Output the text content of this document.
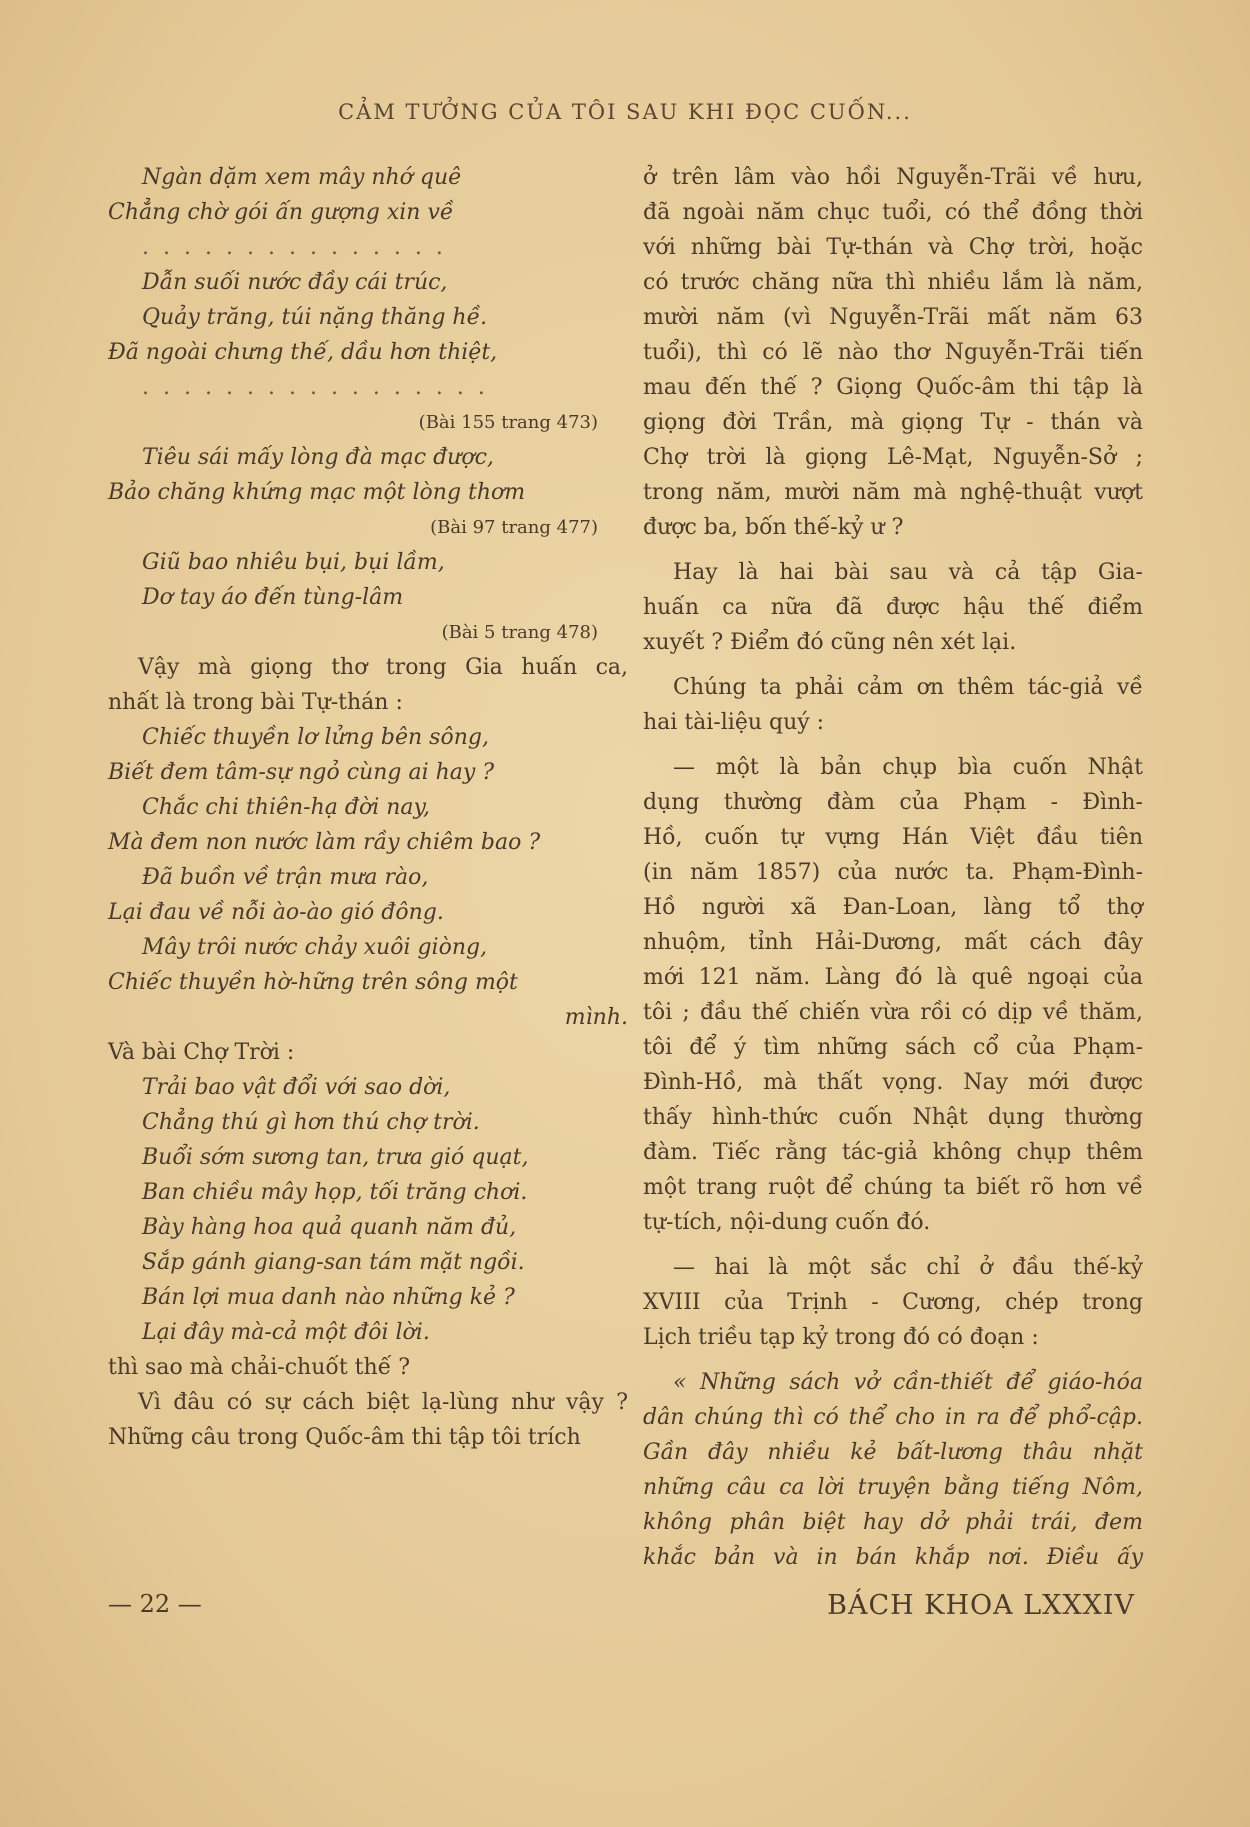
CẢM TƯỞNG CỦA TÔI SAU KHI ĐỌC CUỐN...
Ngàn dặm xem mây nhớ quê
Chẳng chờ gói ấn gượng xin về
...............
Dẫn suối nước đầy cái trúc,
Quảy trăng, túi nặng thăng hề.
Đã ngoài chưng thế, dầu hơn thiệt,
.................
(Bài 155 trang 473)
Tiêu sái mấy lòng đà mạc được,
Bảo chăng khứng mạc một lòng thơm
(Bài 97 trang 477)
Giũ bao nhiêu bụi, bụi lầm,
Dơ tay áo đến tùng-lâm
(Bài 5 trang 478)
Vậy mà giọng thơ trong Gia huấn ca,
nhất là trong bài Tự-thán :
Chiếc thuyền lơ lửng bên sông,
Biết đem tâm-sự ngỏ cùng ai hay ?
Chắc chi thiên-hạ đời nay,
Mà đem non nước làm rầy chiêm bao ?
Đã buồn về trận mưa rào,
Lại đau về nỗi ào-ào gió đông.
Mây trôi nước chảy xuôi giòng,
Chiếc thuyền hờ-hững trên sông một
mình.
Và bài Chợ Trời :
Trải bao vật đổi với sao dời,
Chẳng thú gì hơn thú chợ trời.
Buổi sớm sương tan, trưa gió quạt,
Ban chiều mây họp, tối trăng chơi.
Bày hàng hoa quả quanh năm đủ,
Sắp gánh giang-san tám mặt ngồi.
Bán lợi mua danh nào những kẻ ?
Lại đây mà-cả một đôi lời.
thì sao mà chải-chuốt thế ?
Vì đâu có sự cách biệt lạ-lùng như vậy ?
Những câu trong Quốc-âm thi tập tôi trích
ở trên lâm vào hồi Nguyễn-Trãi về hưu,
đã ngoài năm chục tuổi, có thể đồng thời
với những bài Tự-thán và Chợ trời, hoặc
có trước chăng nữa thì nhiều lắm là năm,
mười năm (vì Nguyễn-Trãi mất năm 63
tuổi), thì có lẽ nào thơ Nguyễn-Trãi tiến
mau đến thế ? Giọng Quốc-âm thi tập là
giọng đời Trần, mà giọng Tự - thán và
Chợ trời là giọng Lê-Mạt, Nguyễn-Sở ;
trong năm, mười năm mà nghệ-thuật vượt
được ba, bốn thế-kỷ ư ?
Hay là hai bài sau và cả tập Gia-
huấn ca nữa đã được hậu thế điểm
xuyết ? Điểm đó cũng nên xét lại.
Chúng ta phải cảm ơn thêm tác-giả về
hai tài-liệu quý :
— một là bản chụp bìa cuốn Nhật
dụng thường đàm của Phạm - Đình-
Hồ, cuốn tự vựng Hán Việt đầu tiên
(in năm 1857) của nước ta. Phạm-Đình-
Hồ người xã Đan-Loan, làng tổ thợ
nhuộm, tỉnh Hải-Dương, mất cách đây
mới 121 năm. Làng đó là quê ngoại của
tôi ; đầu thế chiến vừa rồi có dịp về thăm,
tôi để ý tìm những sách cổ của Phạm-
Đình-Hồ, mà thất vọng. Nay mới được
thấy hình-thức cuốn Nhật dụng thường
đàm. Tiếc rằng tác-giả không chụp thêm
một trang ruột để chúng ta biết rõ hơn về
tự-tích, nội-dung cuốn đó.
— hai là một sắc chỉ ở đầu thế-kỷ
XVIII của Trịnh - Cương, chép trong
Lịch triều tạp kỷ trong đó có đoạn :
« Những sách vở cần-thiết để giáo-hóa
dân chúng thì có thể cho in ra để phổ-cập.
Gần đây nhiều kẻ bất-lương thâu nhặt
những câu ca lời truyện bằng tiếng Nôm,
không phân biệt hay dở phải trái, đem
khắc bản và in bán khắp nơi. Điều ấy
— 22 —	BÁCH KHOA LXXXIV
